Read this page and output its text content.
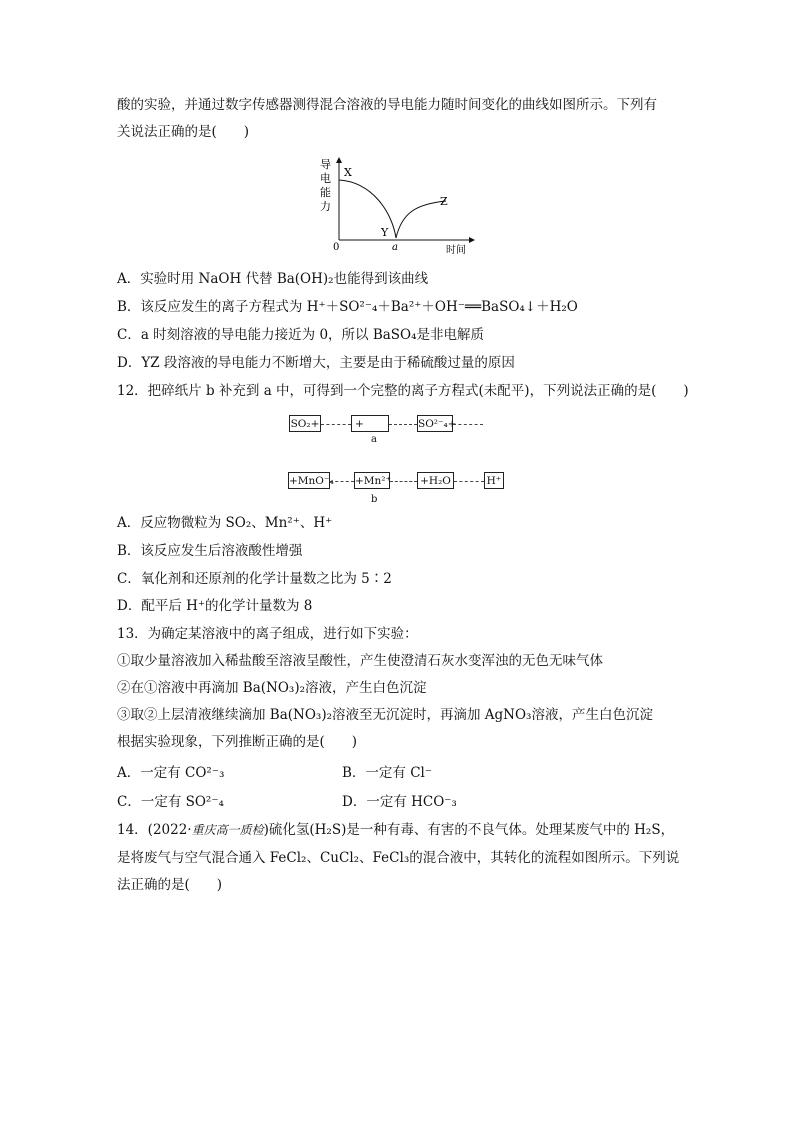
酸的实验，并通过数字传感器测得混合溶液的导电能力随时间变化的曲线如图所示。下列有
关说法正确的是(　　)
导
电
能
力
X
Y
Z
0	a	时间
A．实验时用 NaOH 代替 Ba(OH)₂也能得到该曲线
B．该反应发生的离子方程式为 H⁺＋SO²⁻₄＋Ba²⁺＋OH⁻══BaSO₄↓＋H₂O
C．a 时刻溶液的导电能力接近为 0，所以 BaSO₄是非电解质
D．YZ 段溶液的导电能力不断增大，主要是由于稀硫酸过量的原因
12．把碎纸片 b 补充到 a 中，可得到一个完整的离子方程式(未配平)，下列说法正确的是(　　)
SO₂+	+	SO²⁻₄+
a
+MnO⁻₄ +Mn²⁺	+H₂O	H⁺
b
A．反应物微粒为 SO₂、Mn²⁺、H⁺
B．该反应发生后溶液酸性增强
C．氧化剂和还原剂的化学计量数之比为 5∶2
D．配平后 H⁺的化学计量数为 8
13．为确定某溶液中的离子组成，进行如下实验：
①取少量溶液加入稀盐酸至溶液呈酸性，产生使澄清石灰水变浑浊的无色无味气体
②在①溶液中再滴加 Ba(NO₃)₂溶液，产生白色沉淀
③取②上层清液继续滴加 Ba(NO₃)₂溶液至无沉淀时，再滴加 AgNO₃溶液，产生白色沉淀
根据实验现象，下列推断正确的是(　　)
A．一定有 CO²⁻₃	B．一定有 Cl⁻
C．一定有 SO²⁻₄	D．一定有 HCO⁻₃
14．(2022·重庆高一质检)硫化氢(H₂S)是一种有毒、有害的不良气体。处理某废气中的 H₂S，
是将废气与空气混合通入 FeCl₂、CuCl₂、FeCl₃的混合液中，其转化的流程如图所示。下列说
法正确的是(　　)
